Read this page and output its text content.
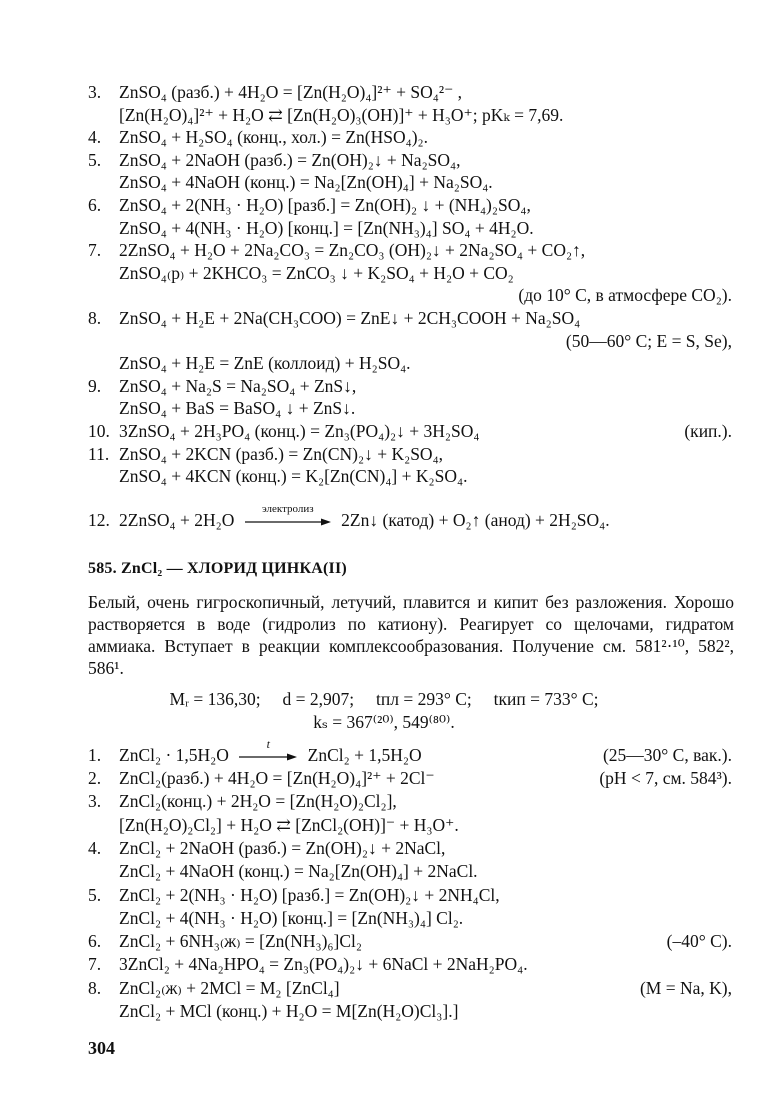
3. ZnSO₄ (разб.) + 4H₂O = [Zn(H₂O)₄]²⁺ + SO₄²⁻ ,
[Zn(H₂O)₄]²⁺ + H₂O ⇄ [Zn(H₂O)₃(OH)]⁺ + H₃O⁺; pKₖ = 7,69.
4. ZnSO₄ + H₂SO₄ (конц., хол.) = Zn(HSO₄)₂.
5. ZnSO₄ + 2NaOH (разб.) = Zn(OH)₂↓ + Na₂SO₄,
ZnSO₄ + 4NaOH (конц.) = Na₂[Zn(OH)₄] + Na₂SO₄.
6. ZnSO₄ + 2(NH₃ · H₂O) [разб.] = Zn(OH)₂ ↓ + (NH₄)₂SO₄,
ZnSO₄ + 4(NH₃ · H₂O) [конц.] = [Zn(NH₃)₄] SO₄ + 4H₂O.
7. 2ZnSO₄ + H₂O + 2Na₂CO₃ = Zn₂CO₃ (OH)₂↓ + 2Na₂SO₄ + CO₂↑,
ZnSO₄₍р₎ + 2KHCO₃ = ZnCO₃ ↓ + K₂SO₄ + H₂O + CO₂
(до 10° C, в атмосфере CO₂).
8. ZnSO₄ + H₂E + 2Na(CH₃COO) = ZnE↓ + 2CH₃COOH + Na₂SO₄
(50—60° C; E = S, Se),
ZnSO₄ + H₂E = ZnE (коллоид) + H₂SO₄.
9. ZnSO₄ + Na₂S = Na₂SO₄ + ZnS↓,
ZnSO₄ + BaS = BaSO₄ ↓ + ZnS↓.
10. 3ZnSO₄ + 2H₃PO₄ (конц.) = Zn₃(PO₄)₂↓ + 3H₂SO₄	(кип.).
11. ZnSO₄ + 2KCN (разб.) = Zn(CN)₂↓ + K₂SO₄,
ZnSO₄ + 4KCN (конц.) = K₂[Zn(CN)₄] + K₂SO₄.
12. 2ZnSO₄ + 2H₂O
электролиз
2Zn↓ (катод) + O₂↑ (анод) + 2H₂SO₄.
585. ZnCl₂ — ХЛОРИД ЦИНКА(II)
Белый, очень гигроскопичный, летучий, плавится и кипит без разложения. Хорошо растворяется в воде (гидролиз по катиону). Реагирует со щелочами, гидратом аммиака. Вступает в реакции комплексообразования. Получение см. 581²·¹⁰, 582², 586¹.
Mᵣ = 136,30;     d = 2,907;     tпл = 293° C;     tкип = 733° C;
kₛ = 367⁽²⁰⁾, 549⁽⁸⁰⁾.
1. ZnCl₂ · 1,5H₂O
t
ZnCl₂ + 1,5H₂O	(25—30° C, вак.).
2. ZnCl₂(разб.) + 4H₂O = [Zn(H₂O)₄]²⁺ + 2Cl⁻	(pH < 7, см. 584³).
3. ZnCl₂(конц.) + 2H₂O = [Zn(H₂O)₂Cl₂],
[Zn(H₂O)₂Cl₂] + H₂O ⇄ [ZnCl₂(OH)]⁻ + H₃O⁺.
4. ZnCl₂ + 2NaOH (разб.) = Zn(OH)₂↓ + 2NaCl,
ZnCl₂ + 4NaOH (конц.) = Na₂[Zn(OH)₄] + 2NaCl.
5. ZnCl₂ + 2(NH₃ · H₂O) [разб.] = Zn(OH)₂↓ + 2NH₄Cl,
ZnCl₂ + 4(NH₃ · H₂O) [конц.] = [Zn(NH₃)₄] Cl₂.
6. ZnCl₂ + 6NH₃₍ж₎ = [Zn(NH₃)₆]Cl₂	(–40° C).
7. 3ZnCl₂ + 4Na₂HPO₄ = Zn₃(PO₄)₂↓ + 6NaCl + 2NaH₂PO₄.
8. ZnCl₂₍ж₎ + 2MCl = M₂ [ZnCl₄]	(M = Na, K),
ZnCl₂ + MCl (конц.) + H₂O = M[Zn(H₂O)Cl₃].]
304
